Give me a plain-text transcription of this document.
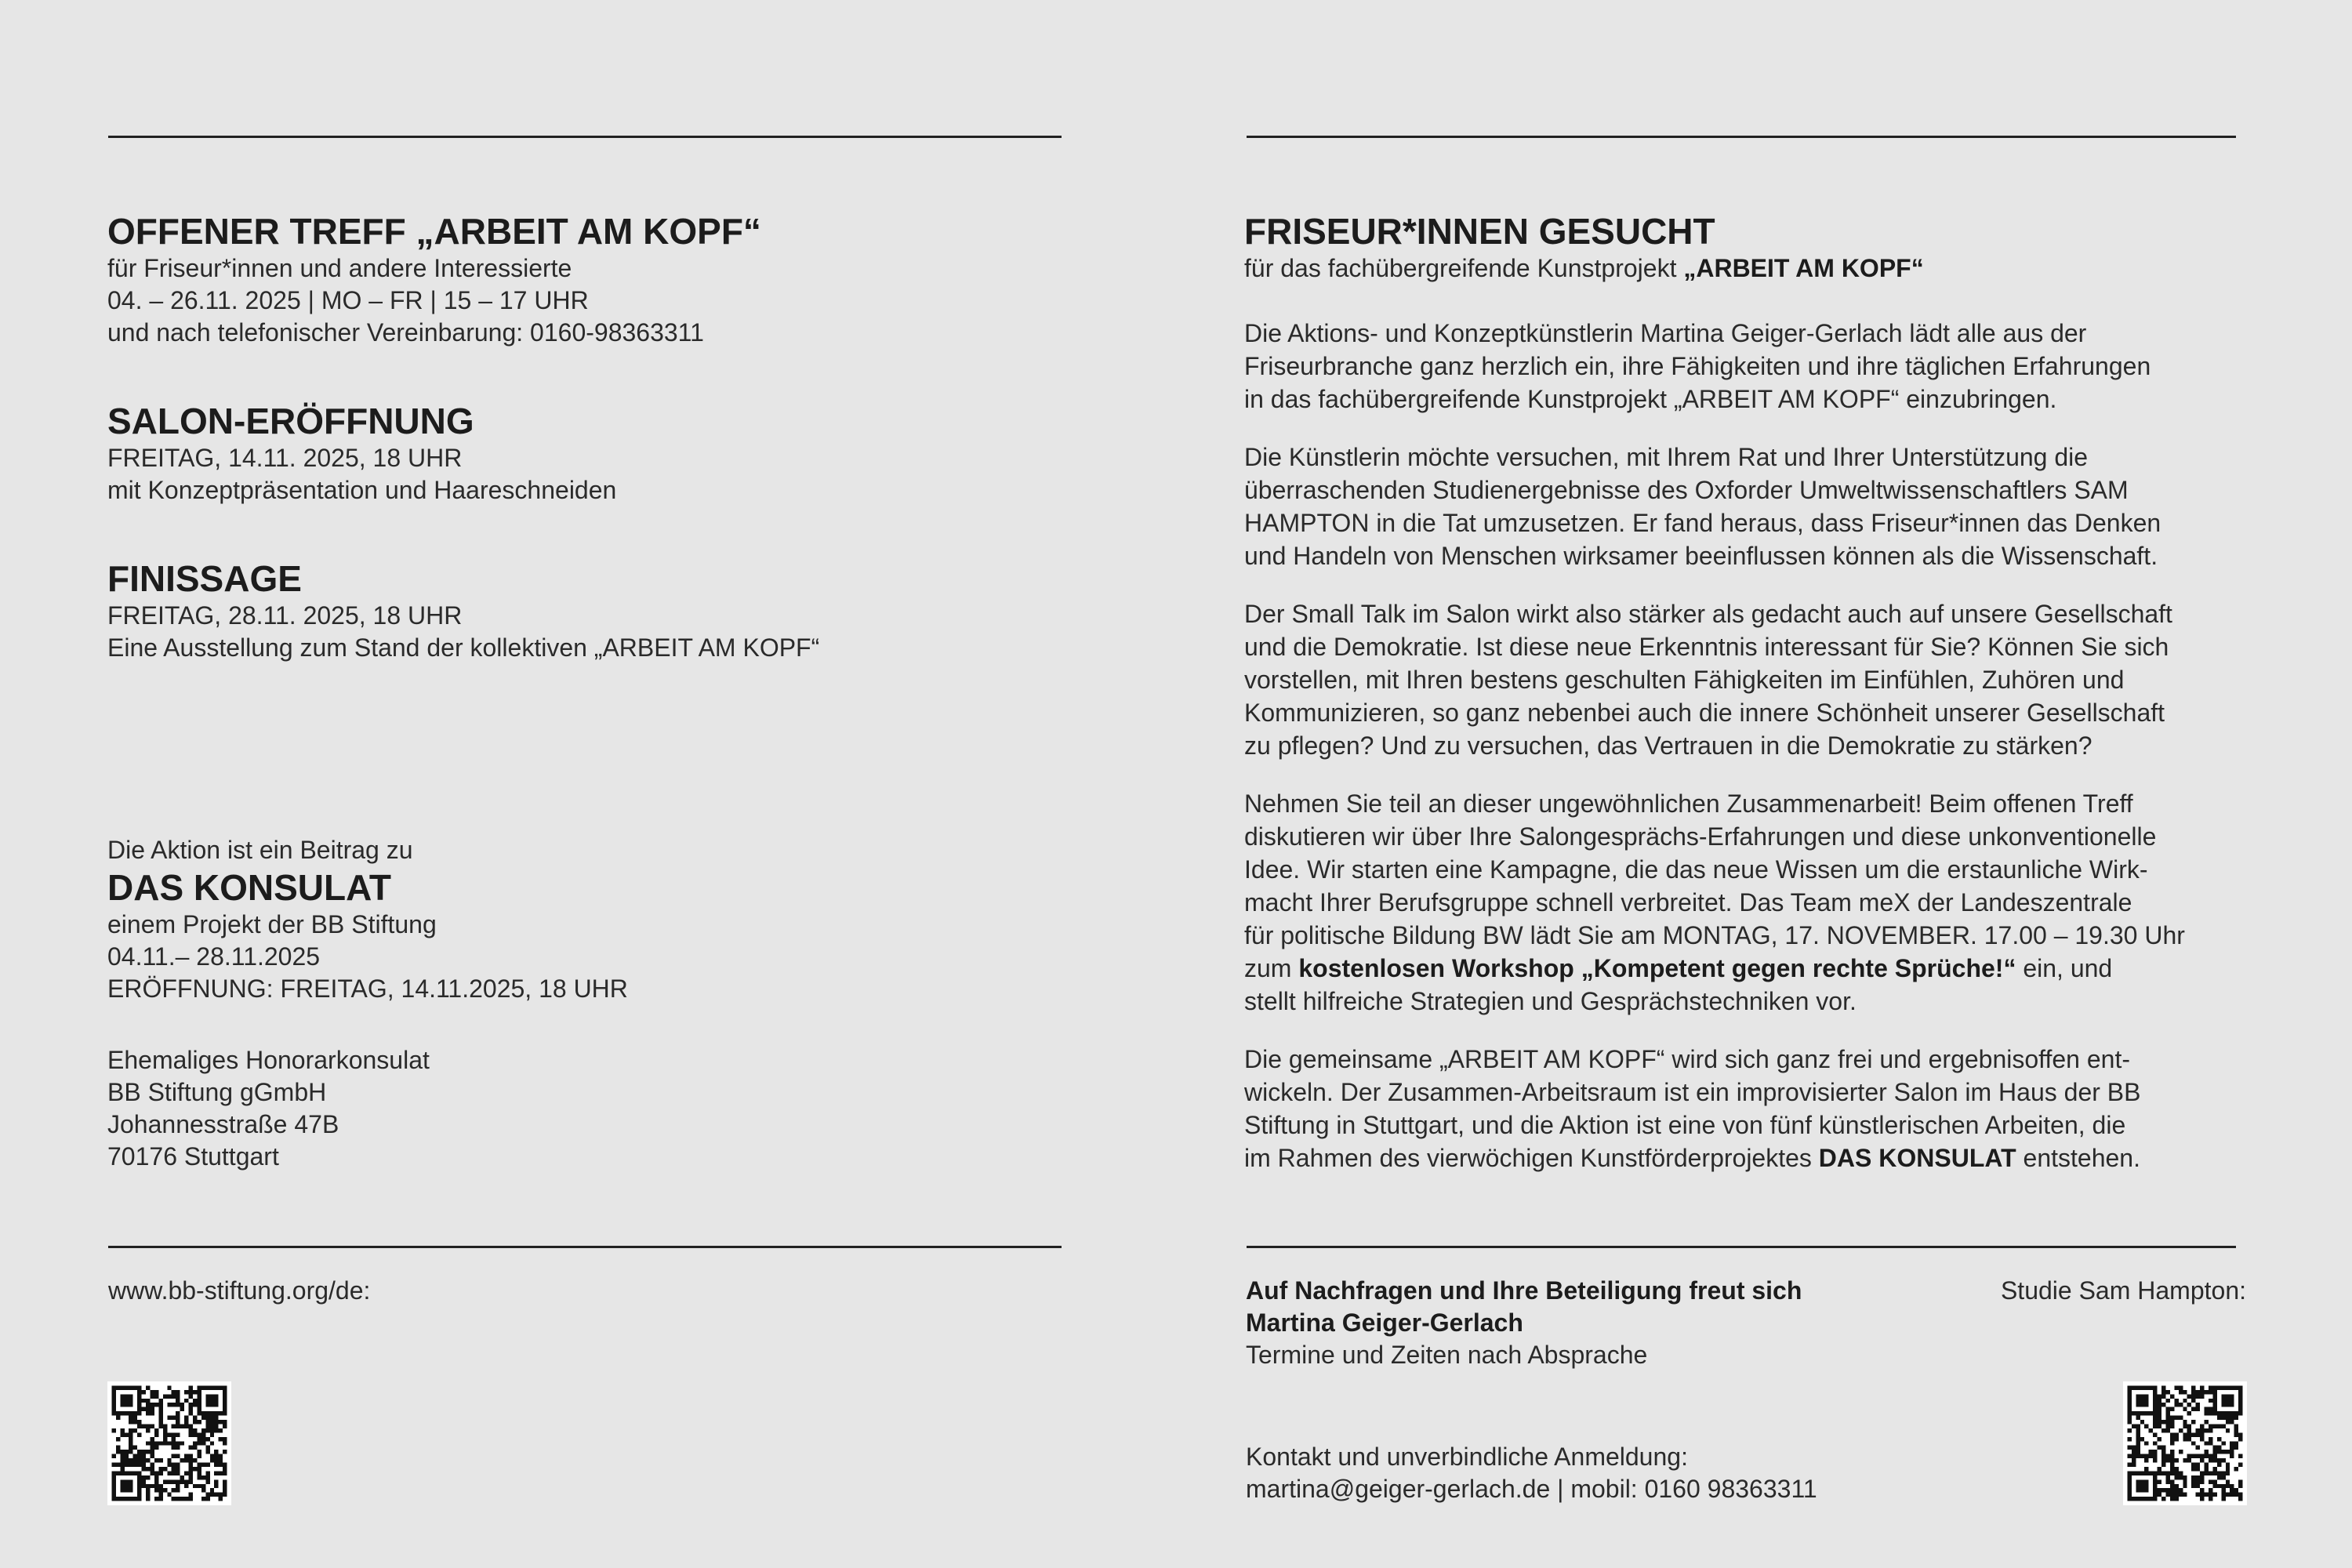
OFFENER TREFF „ARBEIT AM KOPF“
für Friseur*innen und andere Interessierte
04. – 26.11. 2025 | MO – FR | 15 – 17 UHR
und nach telefonischer Vereinbarung: 0160-98363311
SALON-ERÖFFNUNG
FREITAG, 14.11. 2025, 18 UHR
mit Konzeptpräsentation und Haareschneiden
FINISSAGE
FREITAG, 28.11. 2025, 18 UHR
Eine Ausstellung zum Stand der kollektiven „ARBEIT AM KOPF“
Die Aktion ist ein Beitrag zu
DAS KONSULAT
einem Projekt der BB Stiftung
04.11.– 28.11.2025
ERÖFFNUNG: FREITAG, 14.11.2025, 18 UHR
Ehemaliges Honorarkonsulat
BB Stiftung gGmbH
Johannesstraße 47B
70176 Stuttgart
www.bb-stiftung.org/de:
FRISEUR*INNEN GESUCHT
für das fachübergreifende Kunstprojekt „ARBEIT AM KOPF“
Die Aktions- und Konzeptkünstlerin Martina Geiger-Gerlach lädt alle aus der
Friseurbranche ganz herzlich ein, ihre Fähigkeiten und ihre täglichen Erfahrungen
in das fachübergreifende Kunstprojekt „ARBEIT AM KOPF“ einzubringen.
Die Künstlerin möchte versuchen, mit Ihrem Rat und Ihrer Unterstützung die
überraschenden Studienergebnisse des Oxforder Umweltwissenschaftlers SAM
HAMPTON in die Tat umzusetzen. Er fand heraus, dass Friseur*innen das Denken
und Handeln von Menschen wirksamer beeinflussen können als die Wissenschaft.
Der Small Talk im Salon wirkt also stärker als gedacht auch auf unsere Gesellschaft
und die Demokratie. Ist diese neue Erkenntnis interessant für Sie? Können Sie sich
vorstellen, mit Ihren bestens geschulten Fähigkeiten im Einfühlen, Zuhören und
Kommunizieren, so ganz nebenbei auch die innere Schönheit unserer Gesellschaft
zu pflegen? Und zu versuchen, das Vertrauen in die Demokratie zu stärken?
Nehmen Sie teil an dieser ungewöhnlichen Zusammenarbeit! Beim offenen Treff
diskutieren wir über Ihre Salongesprächs-Erfahrungen und diese unkonventionelle
Idee. Wir starten eine Kampagne, die das neue Wissen um die erstaunliche Wirk-
macht Ihrer Berufsgruppe schnell verbreitet. Das Team meX der Landeszentrale
für politische Bildung BW lädt Sie am MONTAG, 17. NOVEMBER. 17.00 – 19.30 Uhr
zum kostenlosen Workshop „Kompetent gegen rechte Sprüche!“ ein, und
stellt hilfreiche Strategien und Gesprächstechniken vor.
Die gemeinsame „ARBEIT AM KOPF“ wird sich ganz frei und ergebnisoffen ent-
wickeln. Der Zusammen-Arbeitsraum ist ein improvisierter Salon im Haus der BB
Stiftung in Stuttgart, und die Aktion ist eine von fünf künstlerischen Arbeiten, die
im Rahmen des vierwöchigen Kunstförderprojektes DAS KONSULAT entstehen.
Auf Nachfragen und Ihre Beteiligung freut sich
Martina Geiger-Gerlach
Termine und Zeiten nach Absprache
Studie Sam Hampton:
Kontakt und unverbindliche Anmeldung:
martina@geiger-gerlach.de | mobil: 0160 98363311
